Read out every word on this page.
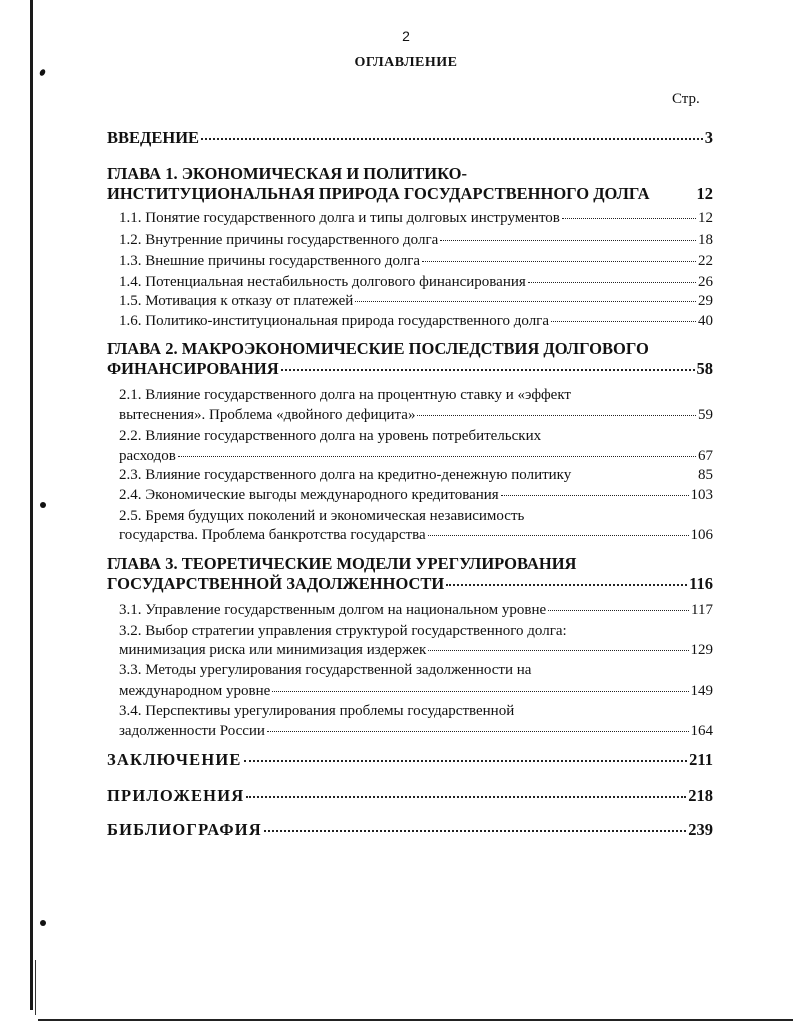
2
ОГЛАВЛЕНИЕ
Стр.
ВВЕДЕНИЕ	3
ГЛАВА 1. ЭКОНОМИЧЕСКАЯ И ПОЛИТИКО-
ИНСТИТУЦИОНАЛЬНАЯ ПРИРОДА ГОСУДАРСТВЕННОГО ДОЛГА	12
1.1. Понятие государственного долга и типы долговых инструментов	12
1.2. Внутренние причины государственного долга	18
1.3. Внешние причины государственного долга	22
1.4. Потенциальная нестабильность долгового финансирования	26
1.5. Мотивация к отказу от платежей	29
1.6. Политико-институциональная природа государственного долга	40
ГЛАВА 2. МАКРОЭКОНОМИЧЕСКИЕ ПОСЛЕДСТВИЯ ДОЛГОВОГО
ФИНАНСИРОВАНИЯ	58
2.1. Влияние государственного долга на процентную ставку и «эффект
вытеснения». Проблема «двойного дефицита»	59
2.2. Влияние государственного долга на уровень потребительских
расходов	67
2.3. Влияние государственного долга на кредитно-денежную политику	85
2.4. Экономические выгоды международного кредитования	103
2.5. Бремя будущих поколений и экономическая независимость
государства. Проблема банкротства государства	106
ГЛАВА 3. ТЕОРЕТИЧЕСКИЕ МОДЕЛИ УРЕГУЛИРОВАНИЯ
ГОСУДАРСТВЕННОЙ ЗАДОЛЖЕННОСТИ	116
3.1. Управление государственным долгом на национальном уровне	117
3.2. Выбор стратегии управления структурой государственного долга:
минимизация риска или минимизация издержек	129
3.3. Методы урегулирования государственной задолженности на
международном уровне	149
3.4. Перспективы урегулирования проблемы государственной
задолженности России	164
ЗАКЛЮЧЕНИЕ	211
ПРИЛОЖЕНИЯ	218
БИБЛИОГРАФИЯ	239
